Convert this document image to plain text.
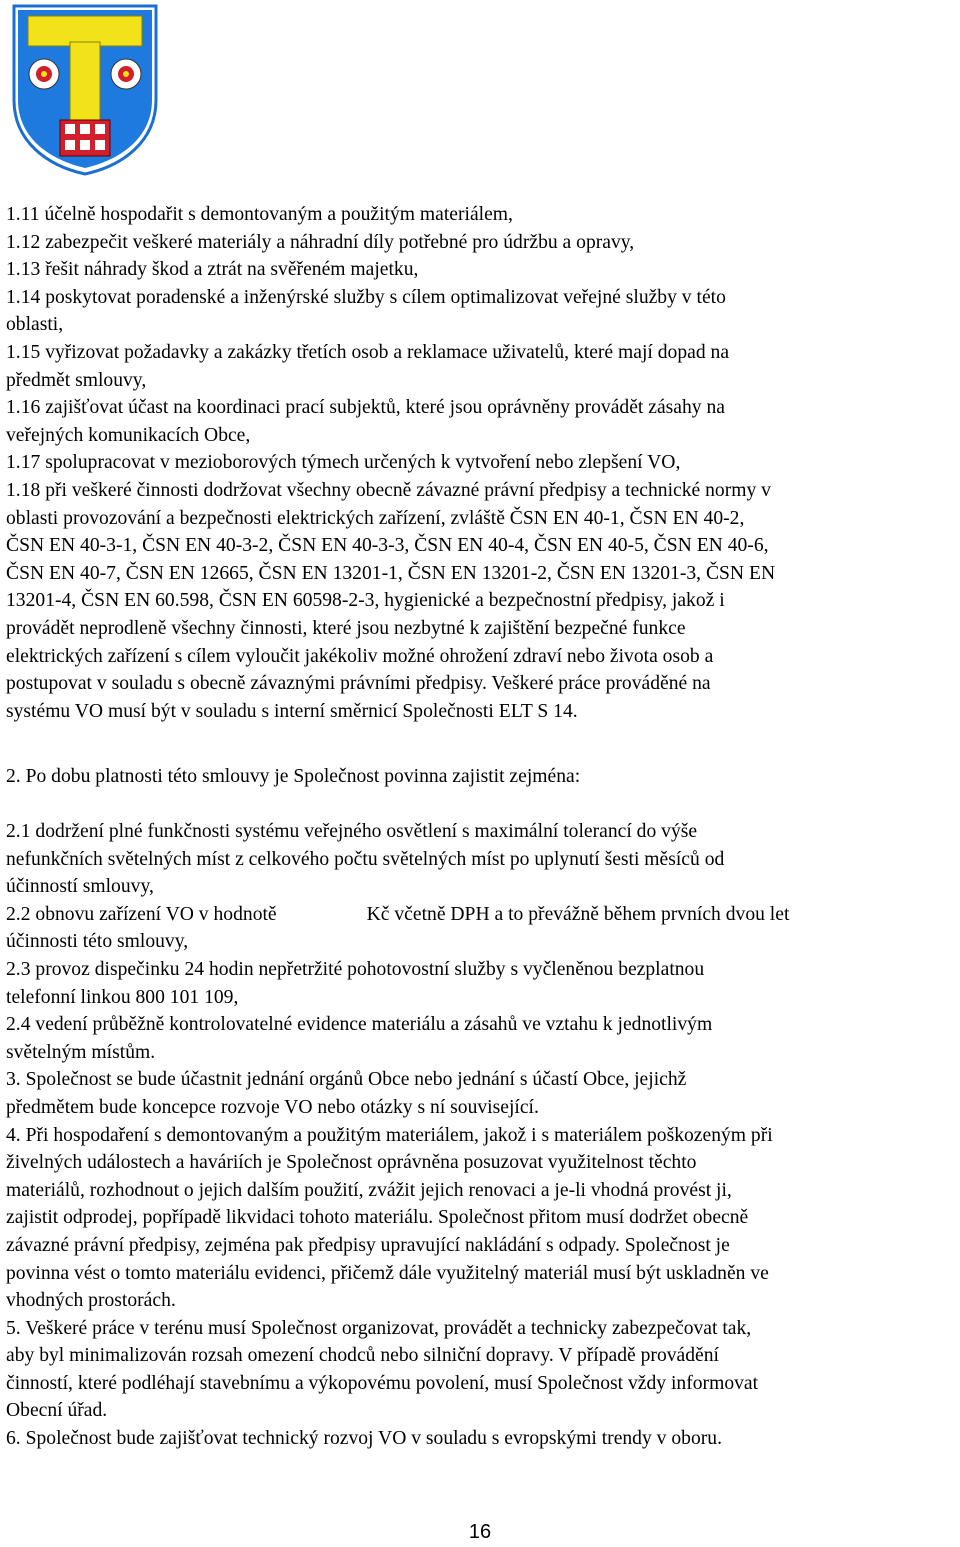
1.11 účelně hospodařit s demontovaným a použitým materiálem,
1.12 zabezpečit veškeré materiály a náhradní díly potřebné pro údržbu a opravy,
1.13 řešit náhrady škod a ztrát na svěřeném majetku,
1.14 poskytovat poradenské a inženýrské služby s cílem optimalizovat veřejné služby v této
oblasti,
1.15 vyřizovat požadavky a zakázky třetích osob a reklamace uživatelů, které mají dopad na
předmět smlouvy,
1.16 zajišťovat účast na koordinaci prací subjektů, které jsou oprávněny provádět zásahy na
veřejných komunikacích Obce,
1.17 spolupracovat v mezioborových týmech určených k vytvoření nebo zlepšení VO,
1.18 při veškeré činnosti dodržovat všechny obecně závazné právní předpisy a technické normy v
oblasti provozování a bezpečnosti elektrických zařízení, zvláště ČSN EN 40-1, ČSN EN 40-2,
ČSN EN 40-3-1, ČSN EN 40-3-2, ČSN EN 40-3-3, ČSN EN 40-4, ČSN EN 40-5, ČSN EN 40-6,
ČSN EN 40-7, ČSN EN 12665, ČSN EN 13201-1, ČSN EN 13201-2, ČSN EN 13201-3, ČSN EN
13201-4, ČSN EN 60.598, ČSN EN 60598-2-3, hygienické a bezpečnostní předpisy, jakož i
provádět neprodleně všechny činnosti, které jsou nezbytné k zajištění bezpečné funkce
elektrických zařízení s cílem vyloučit jakékoliv možné ohrožení zdraví nebo života osob a
postupovat v souladu s obecně závaznými právními předpisy. Veškeré práce prováděné na
systému VO musí být v souladu s interní směrnicí Společnosti ELT S 14.
2. Po dobu platnosti této smlouvy je Společnost povinna zajistit zejména:
2.1 dodržení plné funkčnosti systému veřejného osvětlení s maximální tolerancí do výše
nefunkčních světelných míst z celkového počtu světelných míst po uplynutí šesti měsíců od
účinností smlouvy,
2.2 obnovu zařízení VO v hodnotě	Kč včetně DPH a to převážně během prvních dvou let
účinnosti této smlouvy,
2.3 provoz dispečinku 24 hodin nepřetržité pohotovostní služby s vyčleněnou bezplatnou
telefonní linkou 800 101 109,
2.4 vedení průběžně kontrolovatelné evidence materiálu a zásahů ve vztahu k jednotlivým
světelným místům.
3. Společnost se bude účastnit jednání orgánů Obce nebo jednání s účastí Obce, jejichž
předmětem bude koncepce rozvoje VO nebo otázky s ní související.
4. Při hospodaření s demontovaným a použitým materiálem, jakož i s materiálem poškozeným při
živelných událostech a haváriích je Společnost oprávněna posuzovat využitelnost těchto
materiálů, rozhodnout o jejich dalším použití, zvážit jejich renovaci a je-li vhodná provést ji,
zajistit odprodej, popřípadě likvidaci tohoto materiálu. Společnost přitom musí dodržet obecně
závazné právní předpisy, zejména pak předpisy upravující nakládání s odpady. Společnost je
povinna vést o tomto materiálu evidenci, přičemž dále využitelný materiál musí být uskladněn ve
vhodných prostorách.
5. Veškeré práce v terénu musí Společnost organizovat, provádět a technicky zabezpečovat tak,
aby byl minimalizován rozsah omezení chodců nebo silniční dopravy. V případě provádění
činností, které podléhají stavebnímu a výkopovému povolení, musí Společnost vždy informovat
Obecní úřad.
6. Společnost bude zajišťovat technický rozvoj VO v souladu s evropskými trendy v oboru.
16
